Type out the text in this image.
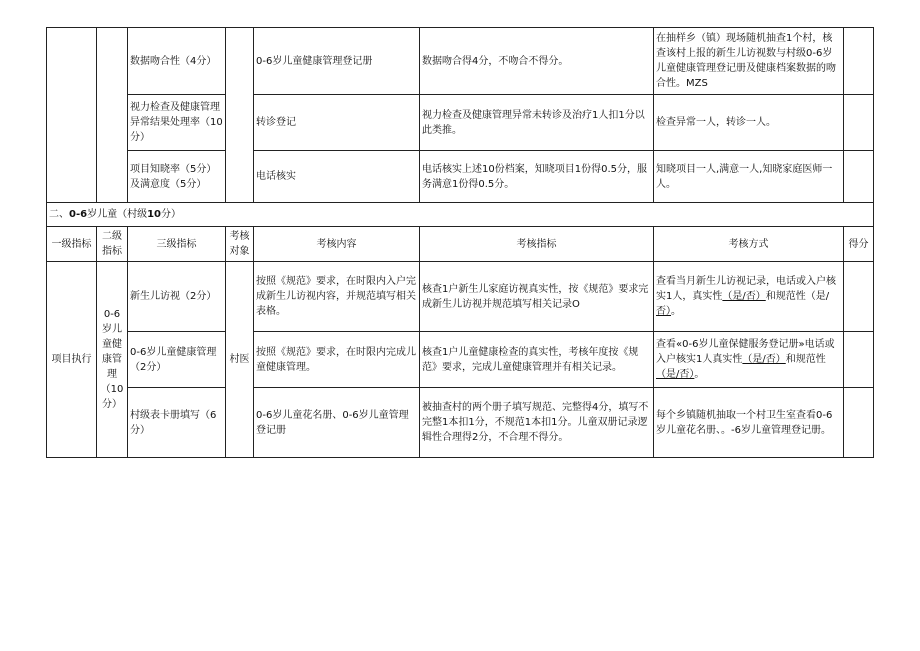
		数据吻合性（4分）		0-6岁儿童健康管理登记册	数据吻合得4分，不吻合不得分。	在抽样乡（镇）现场随机抽查1个村，核查该村上报的新生儿访视数与村级0-6岁儿童健康管理登记册及健康档案数据的吻合性。MZS	
		视力检查及健康管理异常结果处理率（10分）		转诊登记	视力检查及健康管理异常未转诊及治疗1人扣1分以此类推。	检查异常一人，转诊一人。	
		项目知晓率（5分）及满意度（5分）		电话核实	电话核实上述10份档案，知晓项目1份得0.5分，服务满意1份得0.5分。	知晓项目一人,满意一人,知晓家庭医师一人。	
二、0-6岁儿童（村级10分）							
一级指标	二级指标	三级指标	考核对象	考核内容	考核指标	考核方式	得分
项目执行	0-6岁儿童健康管理（10分）	新生儿访视（2分）	村医	按照《规范》要求，在时限内入户完成新生儿访视内容，并规范填写相关表格。	核查1户新生儿家庭访视真实性，按《规范》要求完成新生儿访视并规范填写相关记录O	查看当月新生儿访视记录，电话或入户核实1人，真实性（是/否）和规范性（是/否）。	
		0-6岁儿童健康管理（2分）		按照《规范》要求，在时限内完成儿童健康管理。	核查1户儿童健康检查的真实性，考核年度按《规范》要求，完成儿童健康管理并有相关记录。	查看«0-6岁儿童保健服务登记册»电话或入户核实1人真实性（是/否）和规范性（是/否）。	
		村级表卡册填写（6分）		0-6岁儿童花名册、0-6岁儿童管理登记册	被抽查村的两个册子填写规范、完整得4分，填写不完整1本扣1分，不规范1本扣1分。儿童双册记录逻辑性合理得2分，不合理不得分。	每个乡镇随机抽取一个村卫生室查看0-6岁儿童花名册、。-6岁儿童管理登记册。	
